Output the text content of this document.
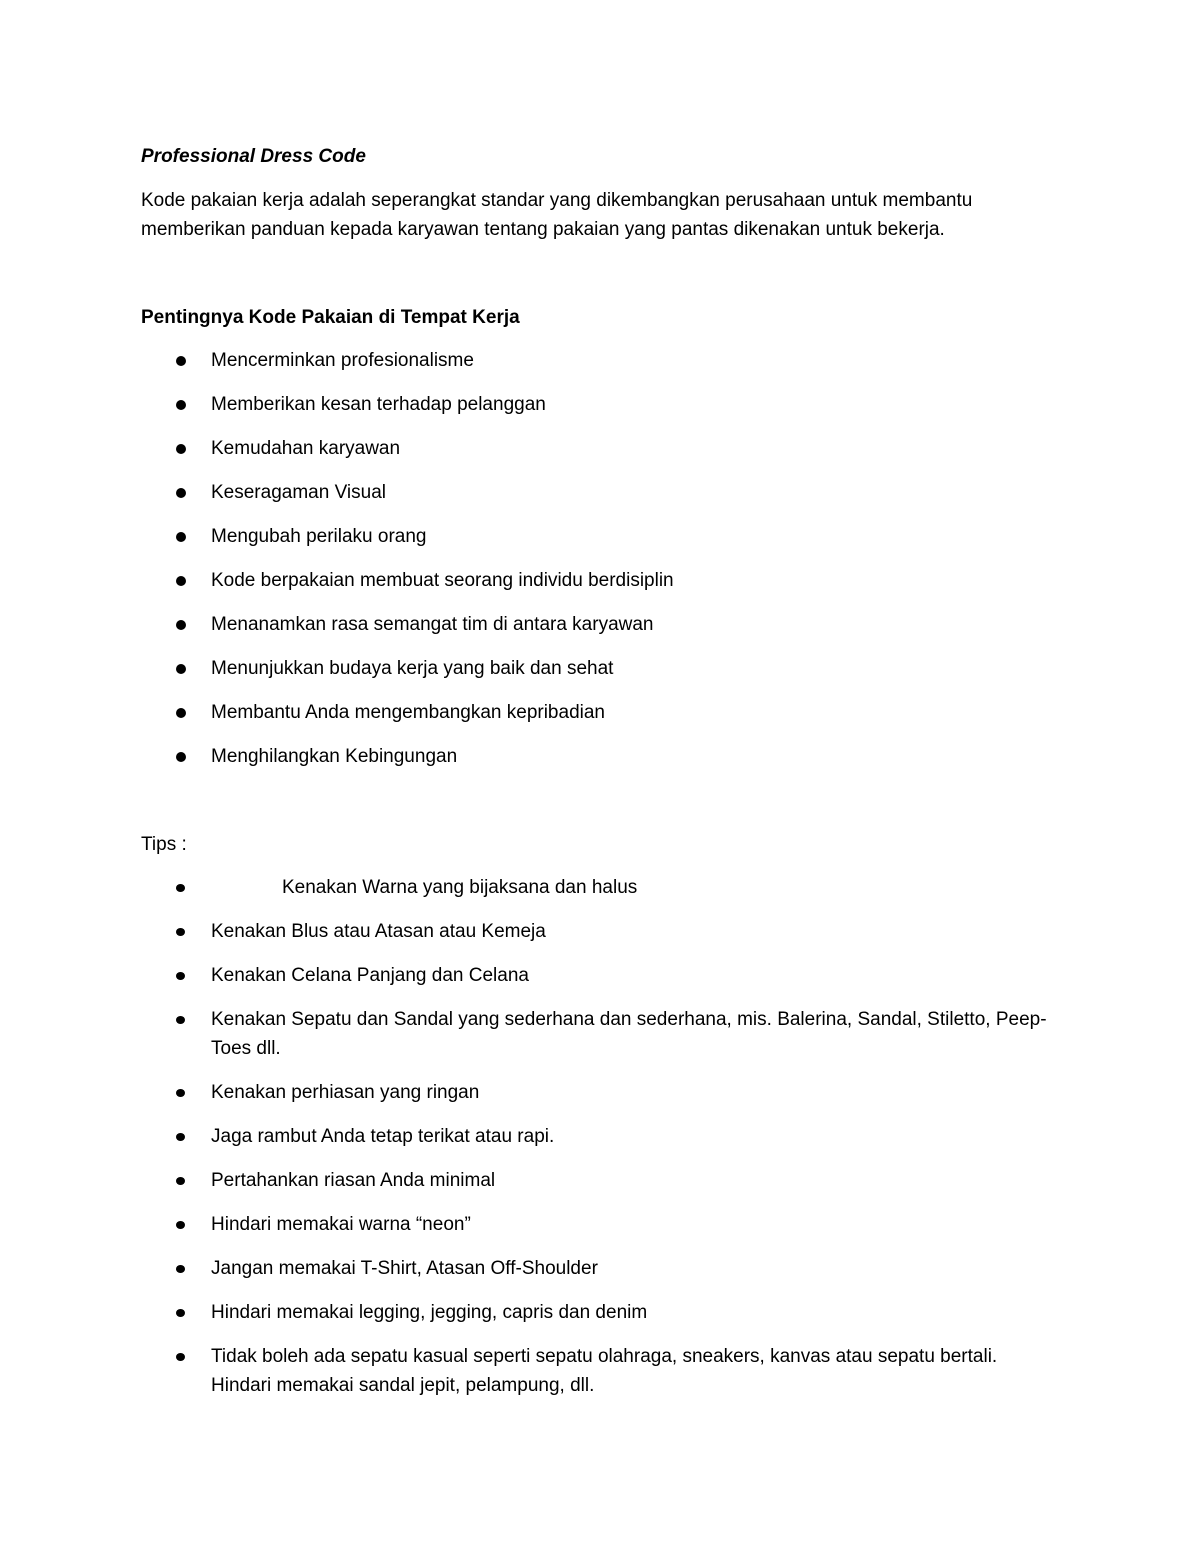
Professional Dress Code

Kode pakaian kerja adalah seperangkat standar yang dikembangkan perusahaan untuk membantu memberikan panduan kepada karyawan tentang pakaian yang pantas dikenakan untuk bekerja.

Pentingnya Kode Pakaian di Tempat Kerja
Mencerminkan profesionalisme
Memberikan kesan terhadap pelanggan
Kemudahan karyawan
Keseragaman Visual
Mengubah perilaku orang
Kode berpakaian membuat seorang individu berdisiplin
Menanamkan rasa semangat tim di antara karyawan
Menunjukkan budaya kerja yang baik dan sehat
Membantu Anda mengembangkan kepribadian
Menghilangkan Kebingungan
Tips :
Kenakan Warna yang bijaksana dan halus
Kenakan Blus atau Atasan atau Kemeja
Kenakan Celana Panjang dan Celana
Kenakan Sepatu dan Sandal yang sederhana dan sederhana, mis. Balerina, Sandal, Stiletto, Peep-Toes dll.
Kenakan perhiasan yang ringan
Jaga rambut Anda tetap terikat atau rapi.
Pertahankan riasan Anda minimal
Hindari memakai warna “neon”
Jangan memakai T-Shirt, Atasan Off-Shoulder
Hindari memakai legging, jegging, capris dan denim
Tidak boleh ada sepatu kasual seperti sepatu olahraga, sneakers, kanvas atau sepatu bertali. Hindari memakai sandal jepit, pelampung, dll.
